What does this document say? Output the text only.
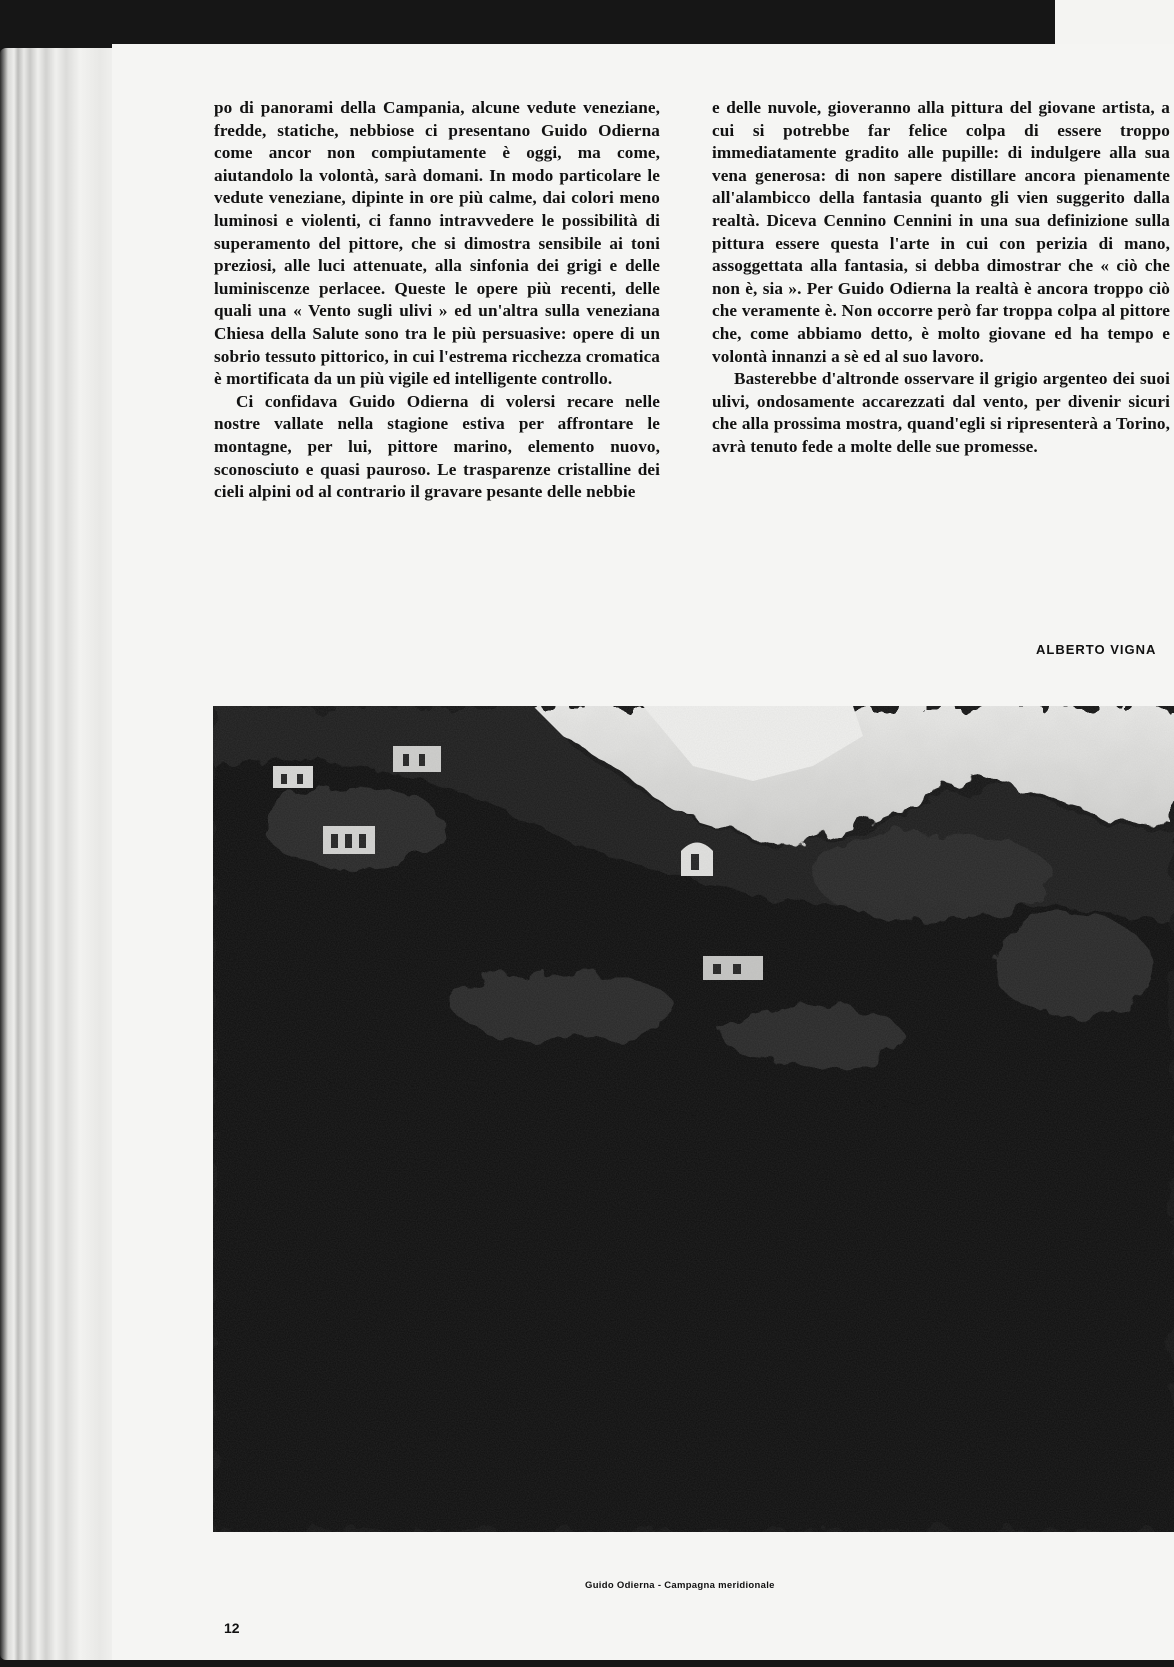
po di panorami della Campania, alcune vedute veneziane, fredde, statiche, nebbiose ci presentano Guido Odierna come ancor non compiutamente è oggi, ma come, aiutandolo la volontà, sarà domani. In modo particolare le vedute veneziane, dipinte in ore più calme, dai colori meno luminosi e violenti, ci fanno intravvedere le possibilità di superamento del pittore, che si dimostra sensibile ai toni preziosi, alle luci attenuate, alla sinfonia dei grigi e delle luminiscenze perlacee. Queste le opere più recenti, delle quali una « Vento sugli ulivi » ed un'altra sulla veneziana Chiesa della Salute sono tra le più persuasive: opere di un sobrio tessuto pittorico, in cui l'estrema ricchezza cromatica è mortificata da un più vigile ed intelligente controllo.

Ci confidava Guido Odierna di volersi recare nelle nostre vallate nella stagione estiva per affrontare le montagne, per lui, pittore marino, elemento nuovo, sconosciuto e quasi pauroso. Le trasparenze cristalline dei cieli alpini od al contrario il gravare pesante delle nebbie

e delle nuvole, gioveranno alla pittura del giovane artista, a cui si potrebbe far felice colpa di essere troppo immediatamente gradito alle pupille: di indulgere alla sua vena generosa: di non sapere distillare ancora pienamente all'alambicco della fantasia quanto gli vien suggerito dalla realtà. Diceva Cennino Cennini in una sua definizione sulla pittura essere questa l'arte in cui con perizia di mano, assoggettata alla fantasia, si debba dimostrar che « ciò che non è, sia ». Per Guido Odierna la realtà è ancora troppo ciò che veramente è. Non occorre però far troppa colpa al pittore che, come abbiamo detto, è molto giovane ed ha tempo e volontà innanzi a sè ed al suo lavoro.

Basterebbe d'altronde osservare il grigio argenteo dei suoi ulivi, ondosamente accarezzati dal vento, per divenir sicuri che alla prossima mostra, quand'egli si ripresenterà a Torino, avrà tenuto fede a molte delle sue promesse.

ALBERTO VIGNA
Guido Odierna - Campagna meridionale
12
